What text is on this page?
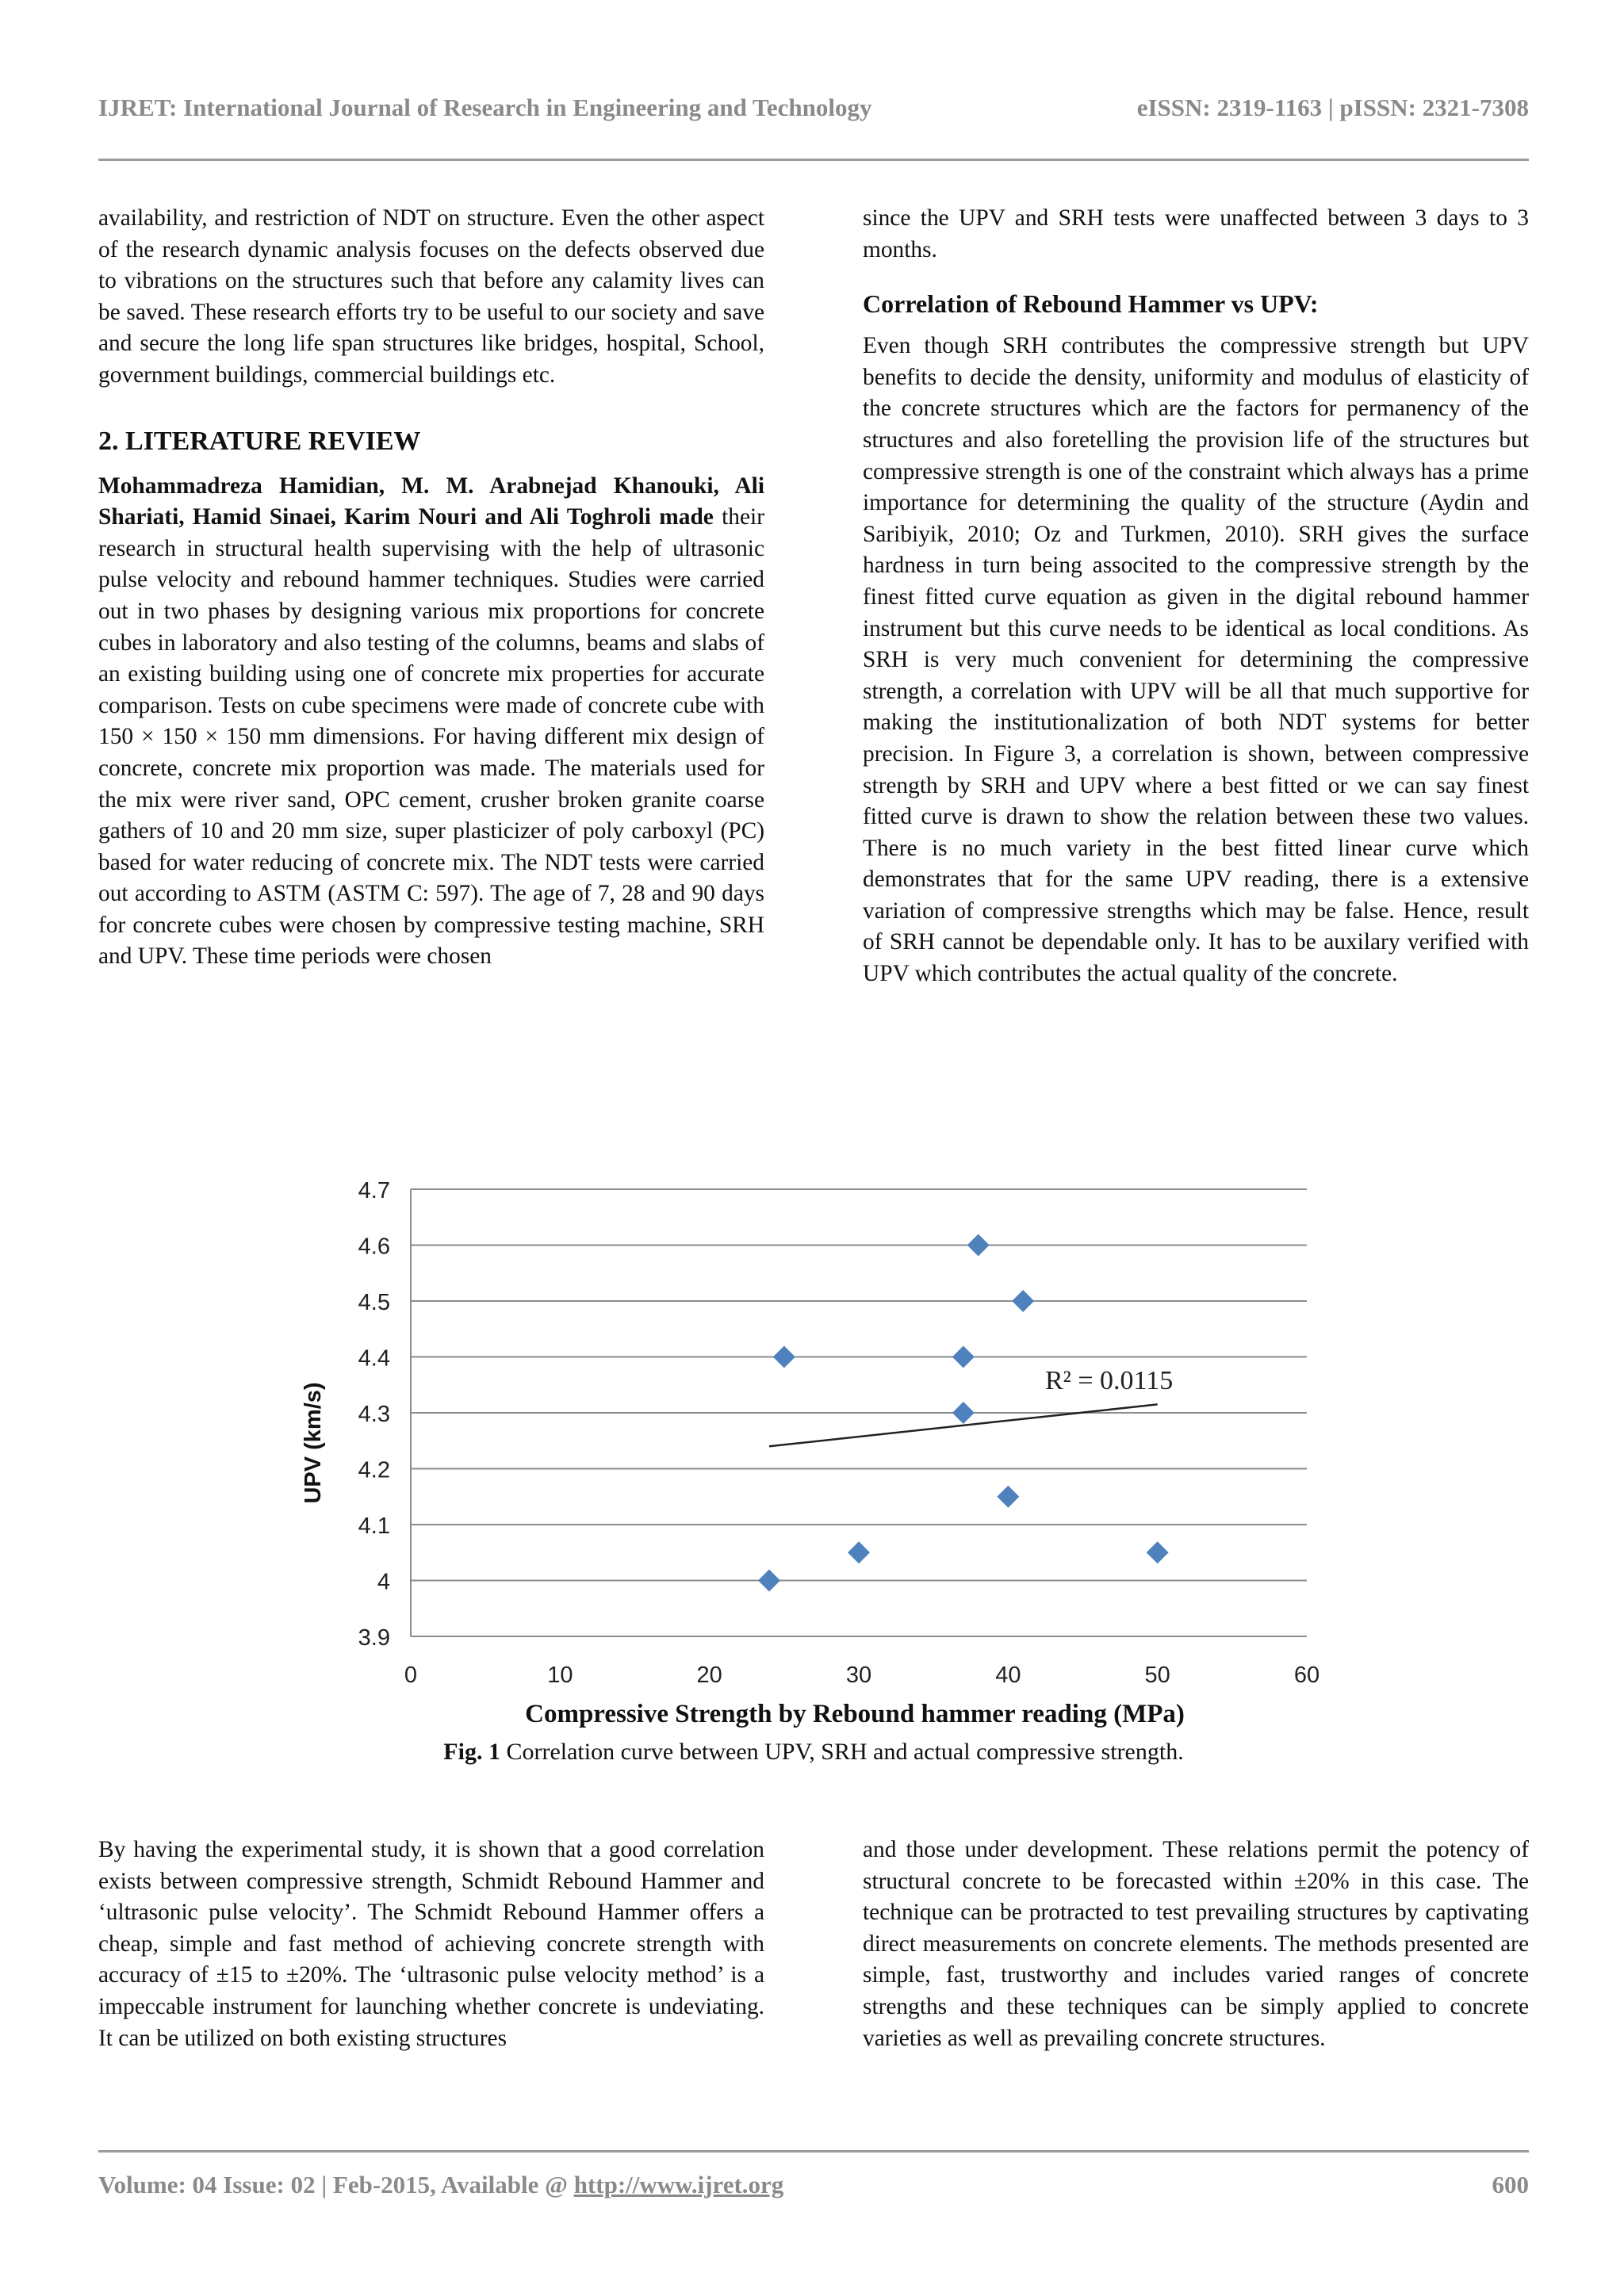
IJRET: International Journal of Research in Engineering and Technology	eISSN: 2319-1163 | pISSN: 2321-7308

availability, and restriction of NDT on structure. Even the other aspect of the research dynamic analysis focuses on the defects observed due to vibrations on the structures such that before any calamity lives can be saved. These research efforts try to be useful to our society and save and secure the long life span structures like bridges, hospital, School, government buildings, commercial buildings etc.

2. LITERATURE REVIEW

Mohammadreza Hamidian, M. M. Arabnejad Khanouki, Ali Shariati, Hamid Sinaei, Karim Nouri and Ali Toghroli made their research in structural health supervising with the help of ultrasonic pulse velocity and rebound hammer techniques. Studies were carried out in two phases by designing various mix proportions for concrete cubes in laboratory and also testing of the columns, beams and slabs of an existing building using one of concrete mix properties for accurate comparison. Tests on cube specimens were made of concrete cube with 150 × 150 × 150 mm dimensions. For having different mix design of concrete, concrete mix proportion was made. The materials used for the mix were river sand, OPC cement, crusher broken granite coarse gathers of 10 and 20 mm size, super plasticizer of poly carboxyl (PC) based for water reducing of concrete mix. The NDT tests were carried out according to ASTM (ASTM C: 597). The age of 7, 28 and 90 days for concrete cubes were chosen by compressive testing machine, SRH and UPV. These time periods were chosen

since the UPV and SRH tests were unaffected between 3 days to 3 months.

Correlation of Rebound Hammer vs UPV:

Even though SRH contributes the compressive strength but UPV benefits to decide the density, uniformity and modulus of elasticity of the concrete structures which are the factors for permanency of the structures and also foretelling the provision life of the structures but compressive strength is one of the constraint which always has a prime importance for determining the quality of the structure (Aydin and Saribiyik, 2010; Oz and Turkmen, 2010). SRH gives the surface hardness in turn being associted to the compressive strength by the finest fitted curve equation as given in the digital rebound hammer instrument but this curve needs to be identical as local conditions. As SRH is very much convenient for determining the compressive strength, a correlation with UPV will be all that much supportive for making the institutionalization of both NDT systems for better precision. In Figure 3, a correlation is shown, between compressive strength by SRH and UPV where a best fitted or we can say finest fitted curve is drawn to show the relation between these two values. There is no much variety in the best fitted linear curve which demonstrates that for the same UPV reading, there is a extensive variation of compressive strengths which may be false. Hence, result of SRH cannot be dependable only. It has to be auxilary verified with UPV which contributes the actual quality of the concrete.

3.9
4
4.1
4.2
4.3
4.4
4.5
4.6
4.7
0	10	20	30	40	50	60
R² = 0.0115
UPV (km/s)
Compressive Strength by Rebound hammer reading (MPa)
Fig. 1 Correlation curve between UPV, SRH and actual compressive strength.

By having the experimental study, it is shown that a good correlation exists between compressive strength, Schmidt Rebound Hammer and ‘ultrasonic pulse velocity’. The Schmidt Rebound Hammer offers a cheap, simple and fast method of achieving concrete strength with accuracy of ±15 to ±20%. The ‘ultrasonic pulse velocity method’ is a impeccable instrument for launching whether concrete is undeviating. It can be utilized on both existing structures

and those under development. These relations permit the potency of structural concrete to be forecasted within ±20% in this case. The technique can be protracted to test prevailing structures by captivating direct measurements on concrete elements. The methods presented are simple, fast, trustworthy and includes varied ranges of concrete strengths and these techniques can be simply applied to concrete varieties as well as prevailing concrete structures.

Volume: 04 Issue: 02 | Feb-2015, Available @ http://www.ijret.org	600
